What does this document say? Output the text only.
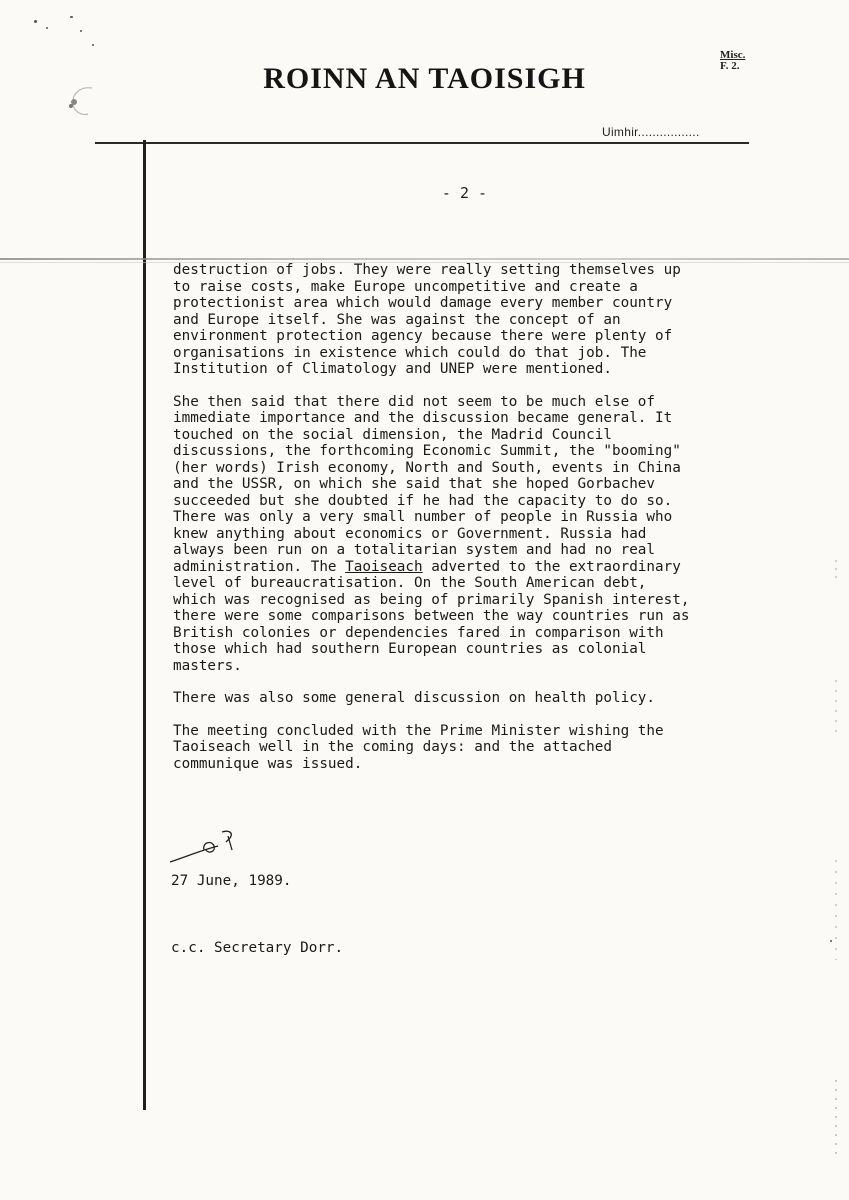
ROINN AN TAOISIGH
Misc.
F. 2.
Uimhir.................
- 2 -

destruction of jobs. They were really setting themselves up
to raise costs, make Europe uncompetitive and create a
protectionist area which would damage every member country
and Europe itself. She was against the concept of an
environment protection agency because there were plenty of
organisations in existence which could do that job. The
Institution of Climatology and UNEP were mentioned.

She then said that there did not seem to be much else of
immediate importance and the discussion became general. It
touched on the social dimension, the Madrid Council
discussions, the forthcoming Economic Summit, the "booming"
(her words) Irish economy, North and South, events in China
and the USSR, on which she said that she hoped Gorbachev
succeeded but she doubted if he had the capacity to do so.
There was only a very small number of people in Russia who
knew anything about economics or Government. Russia had
always been run on a totalitarian system and had no real
administration. The Taoiseach adverted to the extraordinary
level of bureaucratisation. On the South American debt,
which was recognised as being of primarily Spanish interest,
there were some comparisons between the way countries run as
British colonies or dependencies fared in comparison with
those which had southern European countries as colonial
masters.

There was also some general discussion on health policy.

The meeting concluded with the Prime Minister wishing the
Taoiseach well in the coming days: and the attached
communique was issued.

27 June, 1989.
c.c. Secretary Dorr.
